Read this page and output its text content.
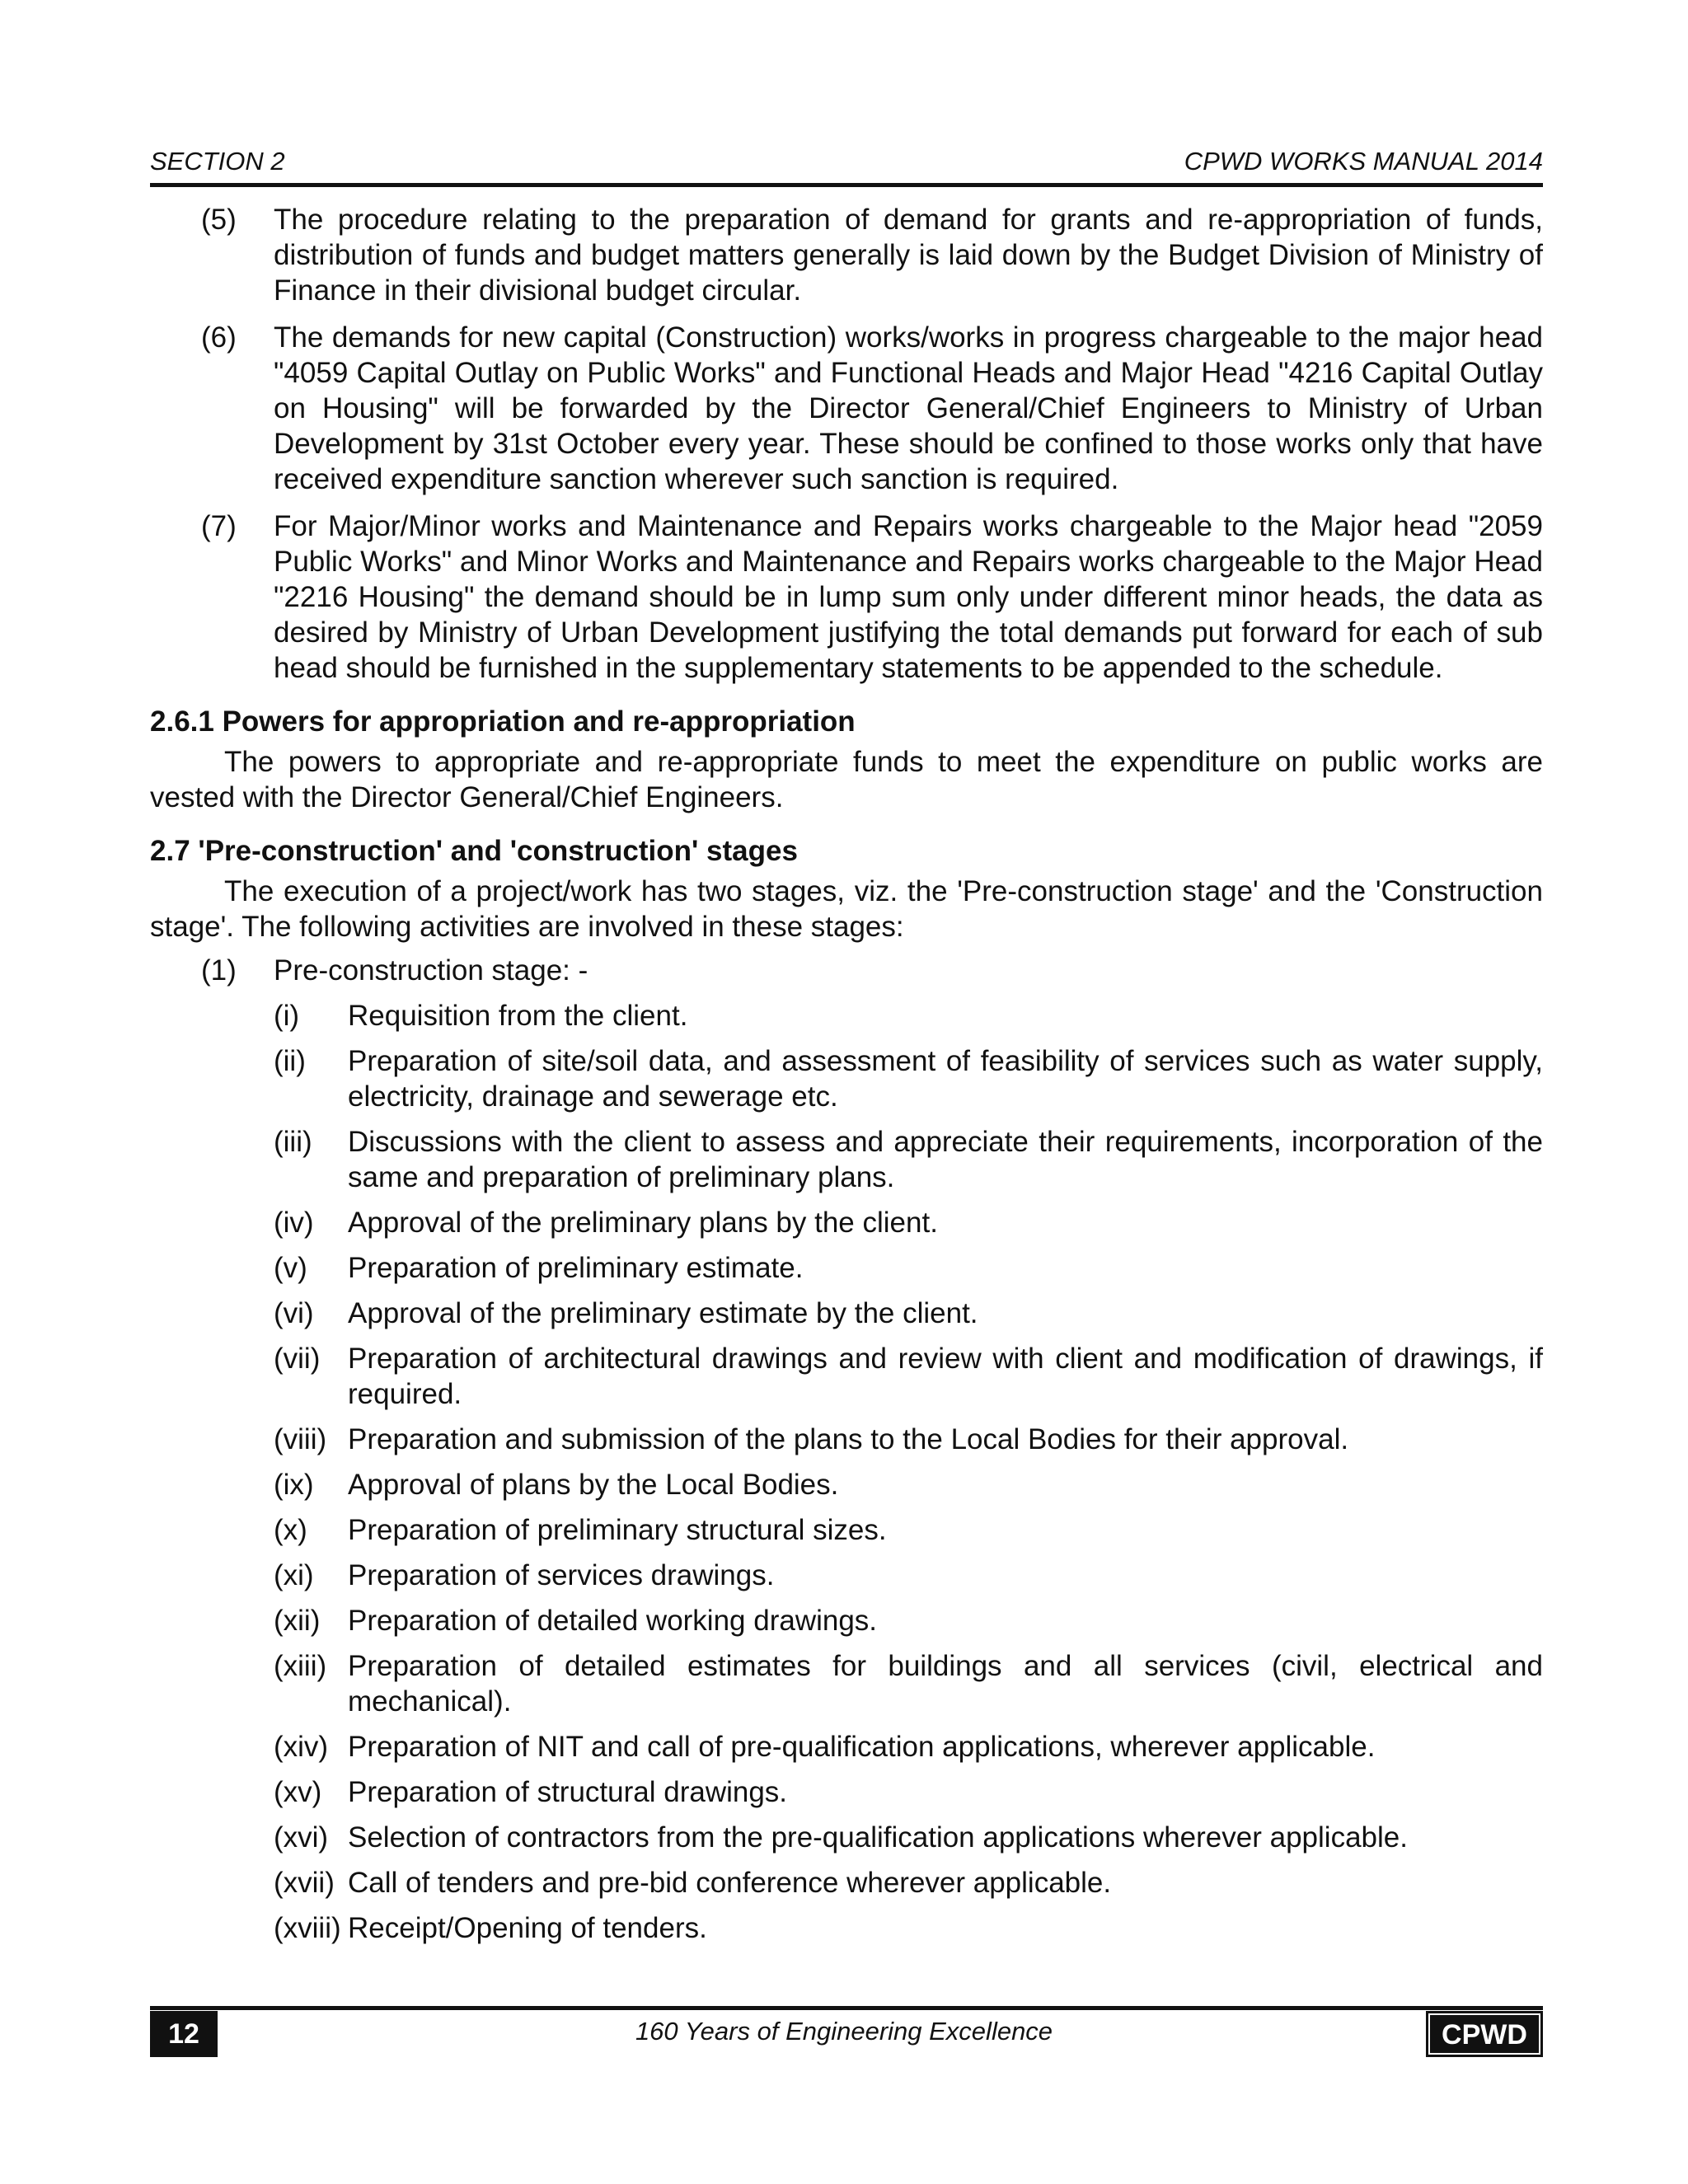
SECTION 2	CPWD WORKS MANUAL 2014
(5) The procedure relating to the preparation of demand for grants and re-appropriation of funds, distribution of funds and budget matters generally is laid down by the Budget Division of Ministry of Finance in their divisional budget circular.
(6) The demands for new capital (Construction) works/works in progress chargeable to the major head "4059 Capital Outlay on Public Works" and Functional Heads and Major Head "4216 Capital Outlay on Housing" will be forwarded by the Director General/Chief Engineers to Ministry of Urban Development by 31st October every year. These should be confined to those works only that have received expenditure sanction wherever such sanction is required.
(7) For Major/Minor works and Maintenance and Repairs works chargeable to the Major head "2059 Public Works" and Minor Works and Maintenance and Repairs works chargeable to the Major Head "2216 Housing" the demand should be in lump sum only under different minor heads, the data as desired by Ministry of Urban Development justifying the total demands put forward for each of sub head should be furnished in the supplementary statements to be appended to the schedule.
2.6.1 Powers for appropriation and re-appropriation
The powers to appropriate and re-appropriate funds to meet the expenditure on public works are vested with the Director General/Chief Engineers.
2.7 'Pre-construction' and 'construction' stages
The execution of a project/work has two stages, viz. the 'Pre-construction stage' and the 'Construction stage'. The following activities are involved in these stages:
(1) Pre-construction stage: -
(i) Requisition from the client.
(ii) Preparation of site/soil data, and assessment of feasibility of services such as water supply, electricity, drainage and sewerage etc.
(iii) Discussions with the client to assess and appreciate their requirements, incorporation of the same and preparation of preliminary plans.
(iv) Approval of the preliminary plans by the client.
(v) Preparation of preliminary estimate.
(vi) Approval of the preliminary estimate by the client.
(vii) Preparation of architectural drawings and review with client and modification of drawings, if required.
(viii) Preparation and submission of the plans to the Local Bodies for their approval.
(ix) Approval of plans by the Local Bodies.
(x) Preparation of preliminary structural sizes.
(xi) Preparation of services drawings.
(xii) Preparation of detailed working drawings.
(xiii) Preparation of detailed estimates for buildings and all services (civil, electrical and mechanical).
(xiv) Preparation of NIT and call of pre-qualification applications, wherever applicable.
(xv) Preparation of structural drawings.
(xvi) Selection of contractors from the pre-qualification applications wherever applicable.
(xvii) Call of tenders and pre-bid conference wherever applicable.
(xviii) Receipt/Opening of tenders.
12	160 Years of Engineering Excellence	CPWD
